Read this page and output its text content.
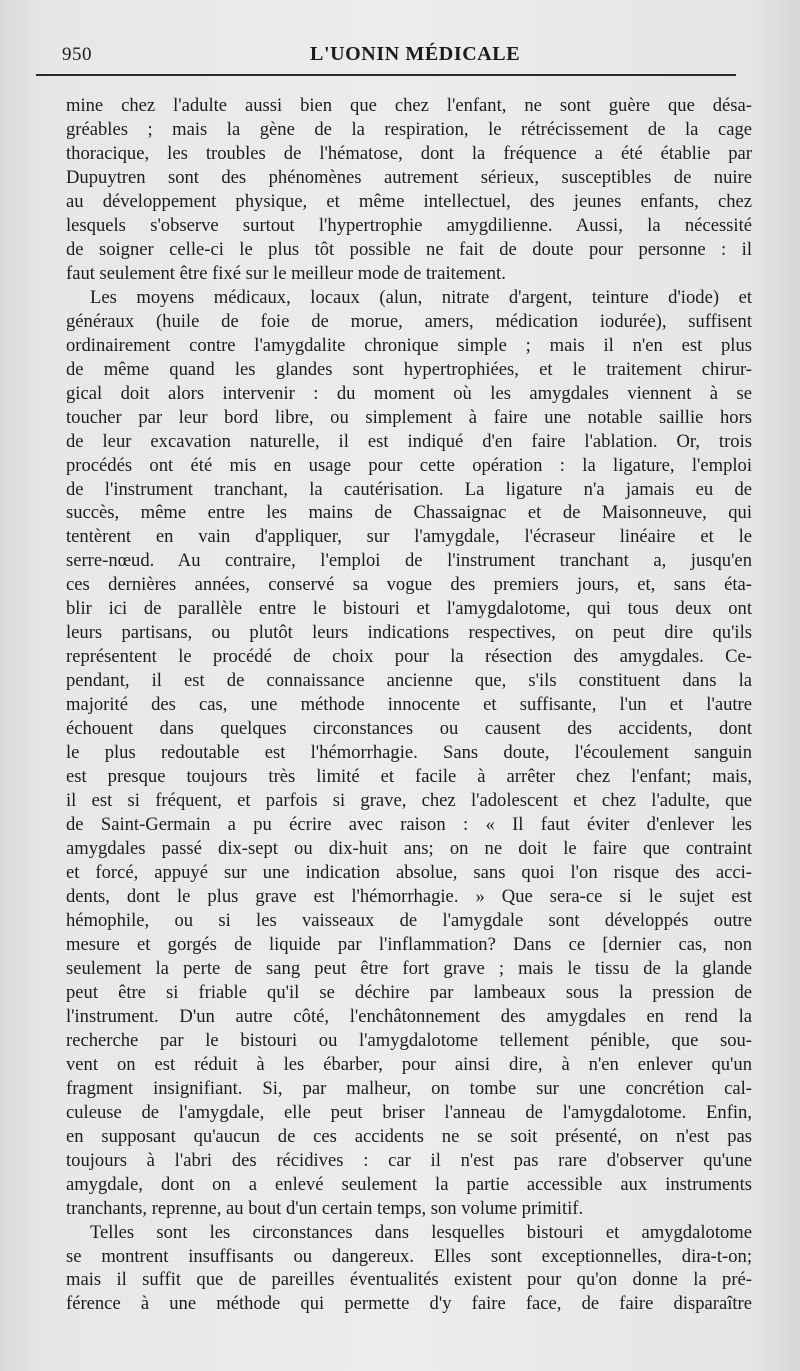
950	L'UONIN MÉDICALE
mine chez l'adulte aussi bien que chez l'enfant, ne sont guère que désa-
gréables ; mais la gène de la respiration, le rétrécissement de la cage
thoracique, les troubles de l'hématose, dont la fréquence a été établie par
Dupuytren sont des phénomènes autrement sérieux, susceptibles de nuire
au développement physique, et même intellectuel, des jeunes enfants, chez
lesquels s'observe surtout l'hypertrophie amygdilienne. Aussi, la nécessité
de soigner celle-ci le plus tôt possible ne fait de doute pour personne : il
faut seulement être fixé sur le meilleur mode de traitement.
Les moyens médicaux, locaux (alun, nitrate d'argent, teinture d'iode) et
généraux (huile de foie de morue, amers, médication iodurée), suffisent
ordinairement contre l'amygdalite chronique simple ; mais il n'en est plus
de même quand les glandes sont hypertrophiées, et le traitement chirur-
gical doit alors intervenir : du moment où les amygdales viennent à se
toucher par leur bord libre, ou simplement à faire une notable saillie hors
de leur excavation naturelle, il est indiqué d'en faire l'ablation. Or, trois
procédés ont été mis en usage pour cette opération : la ligature, l'emploi
de l'instrument tranchant, la cautérisation. La ligature n'a jamais eu de
succès, même entre les mains de Chassaignac et de Maisonneuve, qui
tentèrent en vain d'appliquer, sur l'amygdale, l'écraseur linéaire et le
serre-nœud. Au contraire, l'emploi de l'instrument tranchant a, jusqu'en
ces dernières années, conservé sa vogue des premiers jours, et, sans éta-
blir ici de parallèle entre le bistouri et l'amygdalotome, qui tous deux ont
leurs partisans, ou plutôt leurs indications respectives, on peut dire qu'ils
représentent le procédé de choix pour la résection des amygdales. Ce-
pendant, il est de connaissance ancienne que, s'ils constituent dans la
majorité des cas, une méthode innocente et suffisante, l'un et l'autre
échouent dans quelques circonstances ou causent des accidents, dont
le plus redoutable est l'hémorrhagie. Sans doute, l'écoulement sanguin
est presque toujours très limité et facile à arrêter chez l'enfant; mais,
il est si fréquent, et parfois si grave, chez l'adolescent et chez l'adulte, que
de Saint-Germain a pu écrire avec raison : « Il faut éviter d'enlever les
amygdales passé dix-sept ou dix-huit ans; on ne doit le faire que contraint
et forcé, appuyé sur une indication absolue, sans quoi l'on risque des acci-
dents, dont le plus grave est l'hémorrhagie. » Que sera-ce si le sujet est
hémophile, ou si les vaisseaux de l'amygdale sont développés outre
mesure et gorgés de liquide par l'inflammation? Dans ce [dernier cas, non
seulement la perte de sang peut être fort grave ; mais le tissu de la glande
peut être si friable qu'il se déchire par lambeaux sous la pression de
l'instrument. D'un autre côté, l'enchâtonnement des amygdales en rend la
recherche par le bistouri ou l'amygdalotome tellement pénible, que sou-
vent on est réduit à les ébarber, pour ainsi dire, à n'en enlever qu'un
fragment insignifiant. Si, par malheur, on tombe sur une concrétion cal-
culeuse de l'amygdale, elle peut briser l'anneau de l'amygdalotome. Enfin,
en supposant qu'aucun de ces accidents ne se soit présenté, on n'est pas
toujours à l'abri des récidives : car il n'est pas rare d'observer qu'une
amygdale, dont on a enlevé seulement la partie accessible aux instruments
tranchants, reprenne, au bout d'un certain temps, son volume primitif.
Telles sont les circonstances dans lesquelles bistouri et amygdalotome
se montrent insuffisants ou dangereux. Elles sont exceptionnelles, dira-t-on;
mais il suffit que de pareilles éventualités existent pour qu'on donne la pré-
férence à une méthode qui permette d'y faire face, de faire disparaître
